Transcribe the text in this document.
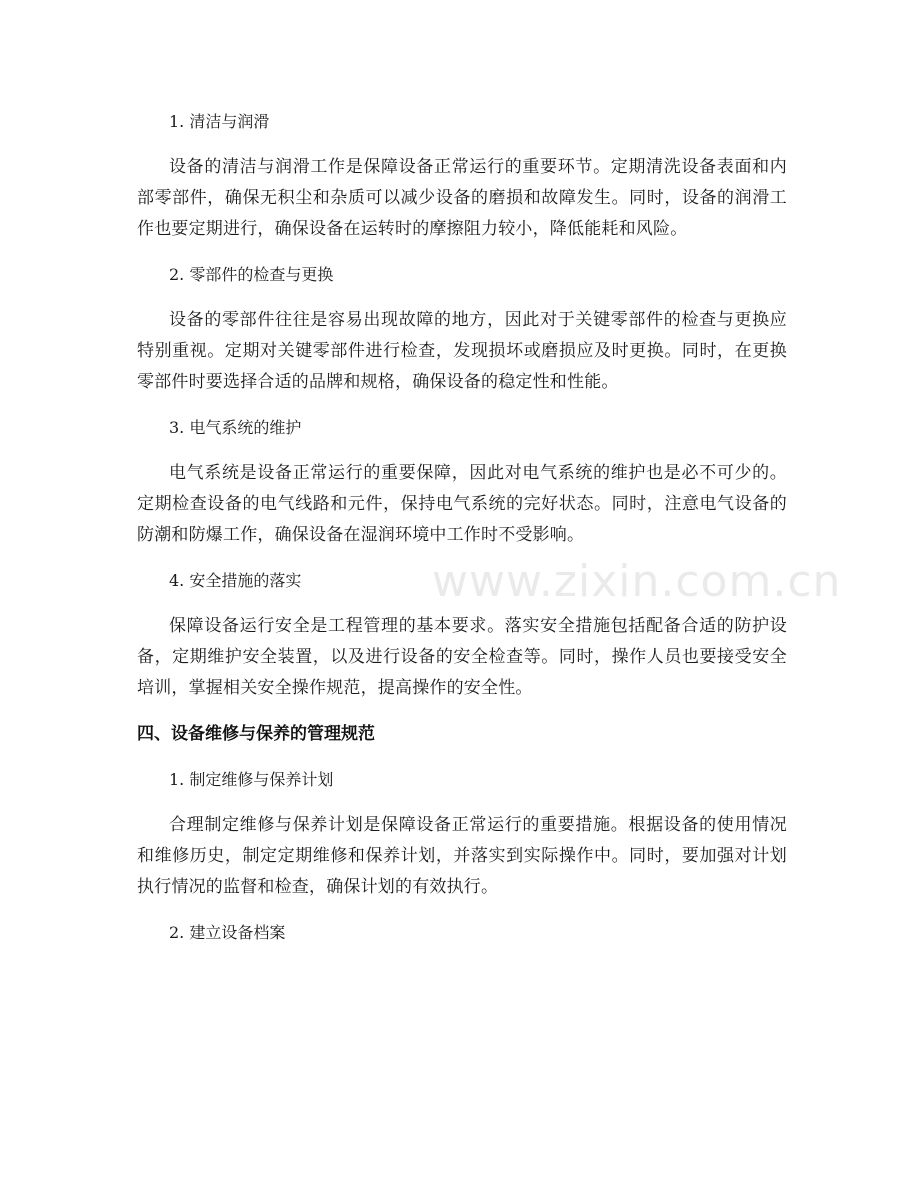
1. 清洁与润滑

设备的清洁与润滑工作是保障设备正常运行的重要环节。定期清洗设备表面和内部零部件，确保无积尘和杂质可以减少设备的磨损和故障发生。同时，设备的润滑工作也要定期进行，确保设备在运转时的摩擦阻力较小，降低能耗和风险。

2. 零部件的检查与更换

设备的零部件往往是容易出现故障的地方，因此对于关键零部件的检查与更换应特别重视。定期对关键零部件进行检查，发现损坏或磨损应及时更换。同时，在更换零部件时要选择合适的品牌和规格，确保设备的稳定性和性能。

3. 电气系统的维护

电气系统是设备正常运行的重要保障，因此对电气系统的维护也是必不可少的。定期检查设备的电气线路和元件，保持电气系统的完好状态。同时，注意电气设备的防潮和防爆工作，确保设备在湿润环境中工作时不受影响。

4. 安全措施的落实

保障设备运行安全是工程管理的基本要求。落实安全措施包括配备合适的防护设备，定期维护安全装置，以及进行设备的安全检查等。同时，操作人员也要接受安全培训，掌握相关安全操作规范，提高操作的安全性。

四、设备维修与保养的管理规范
1. 制定维修与保养计划

合理制定维修与保养计划是保障设备正常运行的重要措施。根据设备的使用情况和维修历史，制定定期维修和保养计划，并落实到实际操作中。同时，要加强对计划执行情况的监督和检查，确保计划的有效执行。

2. 建立设备档案
www.zixin.com.cn
